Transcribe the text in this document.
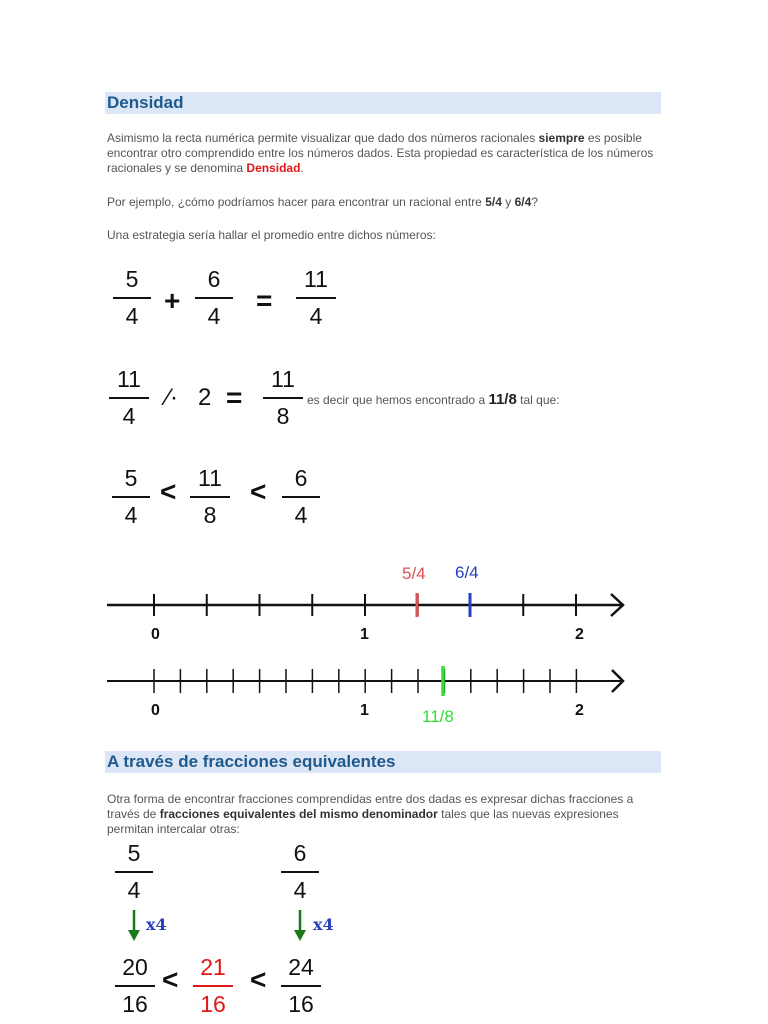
Densidad
Asimismo la recta numérica permite visualizar que dado dos números racionales siempre es posible encontrar otro comprendido entre los números dados. Esta propiedad es característica de los números racionales y se denomina Densidad.
Por ejemplo, ¿cómo podríamos hacer para encontrar un racional entre 5/4 y 6/4?
Una estrategia sería hallar el promedio entre dichos números:
5
4 +
6
4 =
11
4
11
4
⁄· 2 =
11
8
es decir que hemos encontrado a 11/8 tal que:
5
4
< 11
8
< 6
4
5/4 6/4
0	1	2
11/8
0	1	2
A través de fracciones equivalentes
Otra forma de encontrar fracciones comprendidas entre dos dadas es expresar dichas fracciones a través de fracciones equivalentes del mismo denominador tales que las nuevas expresiones permitan intercalar otras:
5
4
6
4
x4	x4
20
16
< 21
16
< 24
16
